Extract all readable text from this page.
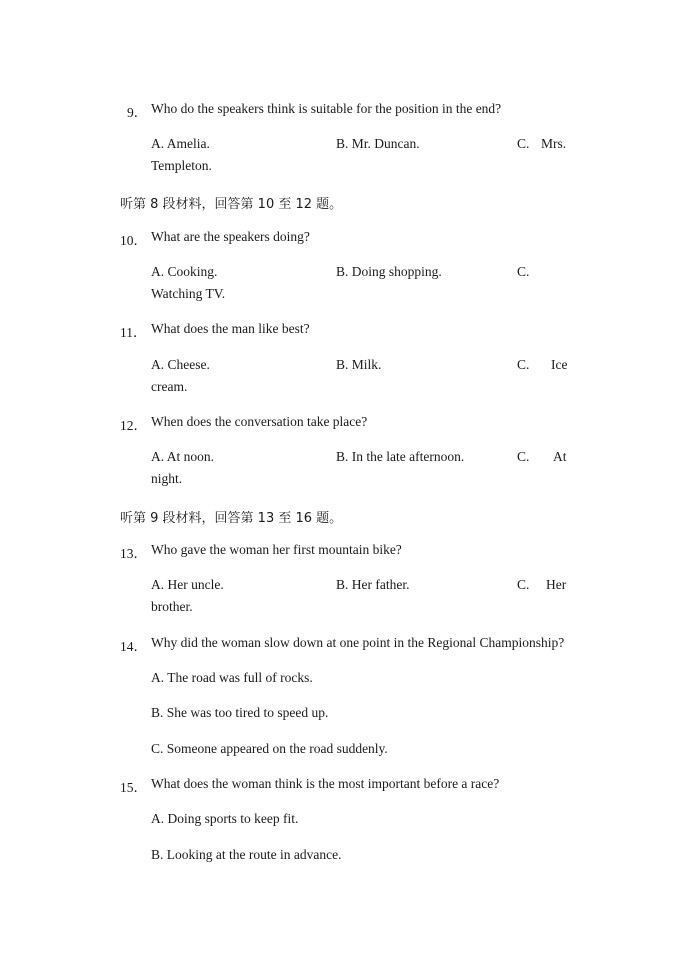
9． Who do the speakers think is suitable for the position in the end?
A. Amelia.	B. Mr. Duncan.	C. Mrs.
Templeton.
听第 8 段材料，回答第 10 至 12 题。
10． What are the speakers doing?
A. Cooking.	B. Doing shopping.	C.
Watching TV.
11． What does the man like best?
A. Cheese.	B. Milk.	C. Ice
cream.
12． When does the conversation take place?
A. At noon.	B. In the late afternoon.	C. At
night.
听第 9 段材料，回答第 13 至 16 题。
13． Who gave the woman her first mountain bike?
A. Her uncle.	B. Her father.	C. Her
brother.
14． Why did the woman slow down at one point in the Regional Championship?
A. The road was full of rocks.
B. She was too tired to speed up.
C. Someone appeared on the road suddenly.
15． What does the woman think is the most important before a race?
A. Doing sports to keep fit.
B. Looking at the route in advance.
